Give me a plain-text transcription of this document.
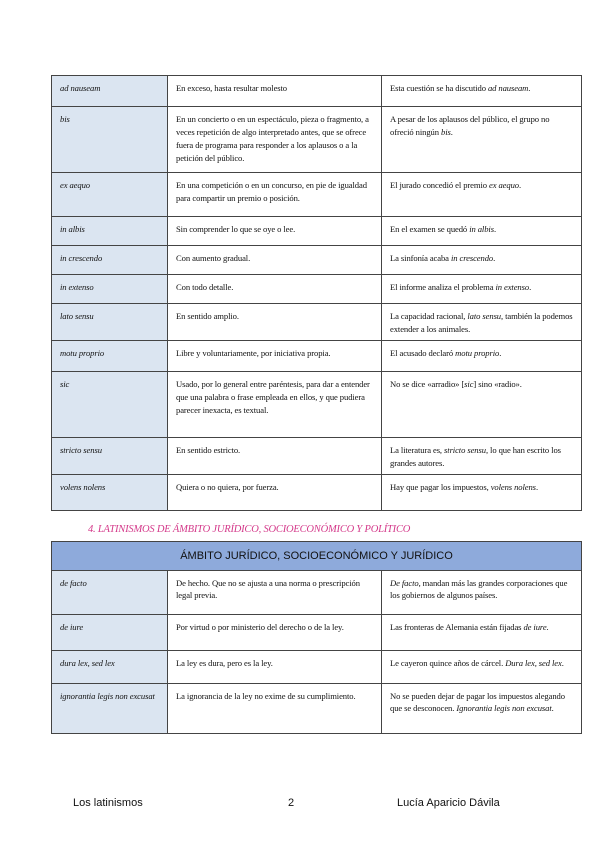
ad nauseam	En exceso, hasta resultar molesto	Esta cuestión se ha discutido ad nauseam.
bis	En un concierto o en un espectáculo, pieza o fragmento, a veces repetición de algo interpretado antes, que se ofrece fuera de programa para responder a los aplausos o a la petición del público.	A pesar de los aplausos del público, el grupo no ofreció ningún bis.
ex aequo	En una competición o en un concurso, en pie de igualdad para compartir un premio o posición.	El jurado concedió el premio ex aequo.
in albis	Sin comprender lo que se oye o lee.	En el examen se quedó in albis.
in crescendo	Con aumento gradual.	La sinfonía acaba in crescendo.
in extenso	Con todo detalle.	El informe analiza el problema in extenso.
lato sensu	En sentido amplio.	La capacidad racional, lato sensu, también la podemos extender a los animales.
motu proprio	Libre y voluntariamente, por iniciativa propia.	El acusado declaró motu proprio.
sic	Usado, por lo general entre paréntesis, para dar a entender que una palabra o frase empleada en ellos, y que pudiera parecer inexacta, es textual.	No se dice «arradio» [sic] sino «radio».
stricto sensu	En sentido estricto.	La literatura es, stricto sensu, lo que han escrito los grandes autores.
volens nolens	Quiera o no quiera, por fuerza.	Hay que pagar los impuestos, volens nolens.
4. LATINISMOS DE ÁMBITO JURÍDICO, SOCIOECONÓMICO Y POLÍTICO
ÁMBITO JURÍDICO, SOCIOECONÓMICO Y JURÍDICO		
de facto	De hecho. Que no se ajusta a una norma o prescripción legal previa.	De facto, mandan más las grandes corporaciones que los gobiernos de algunos países.
de iure	Por virtud o por ministerio del derecho o de la ley.	Las fronteras de Alemania están fijadas de iure.
dura lex, sed lex	La ley es dura, pero es la ley.	Le cayeron quince años de cárcel. Dura lex, sed lex.
ignorantia legis non excusat	La ignorancia de la ley no exime de su cumplimiento.	No se pueden dejar de pagar los impuestos alegando que se desconocen. Ignorantia legis non excusat.
Los latinismos	2	Lucía Aparicio Dávila
